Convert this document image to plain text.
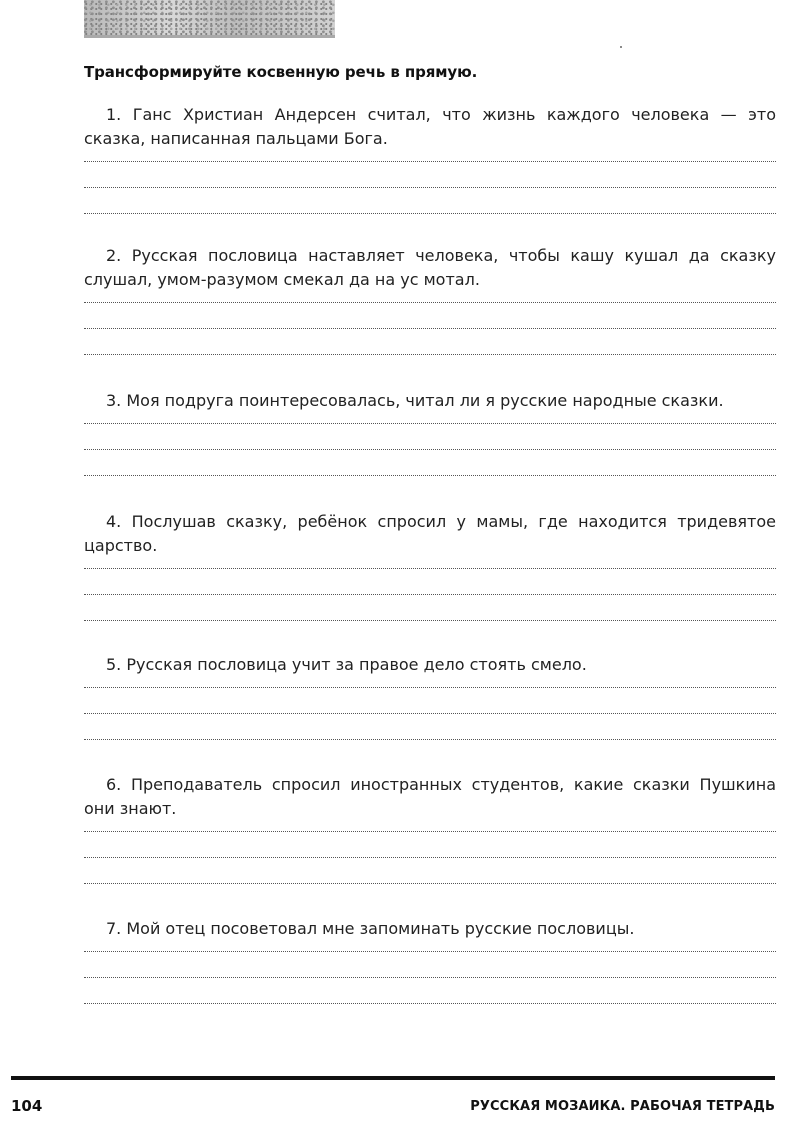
Трансформируйте косвенную речь в прямую.

1. Ганс Христиан Андерсен считал, что жизнь каждого человека — это сказка, написанная пальцами Бога.

2. Русская пословица наставляет человека, чтобы кашу кушал да сказку слушал, умом-разумом смекал да на ус мотал.

3. Моя подруга поинтересовалась, читал ли я русские народные сказки.

4. Послушав сказку, ребёнок спросил у мамы, где находится тридевятое царство.

5. Русская пословица учит за правое дело стоять смело.

6. Преподаватель спросил иностранных студентов, какие сказки Пушкина они знают.

7. Мой отец посоветовал мне запоминать русские пословицы.

104	РУССКАЯ МОЗАИКА. РАБОЧАЯ ТЕТРАДЬ
